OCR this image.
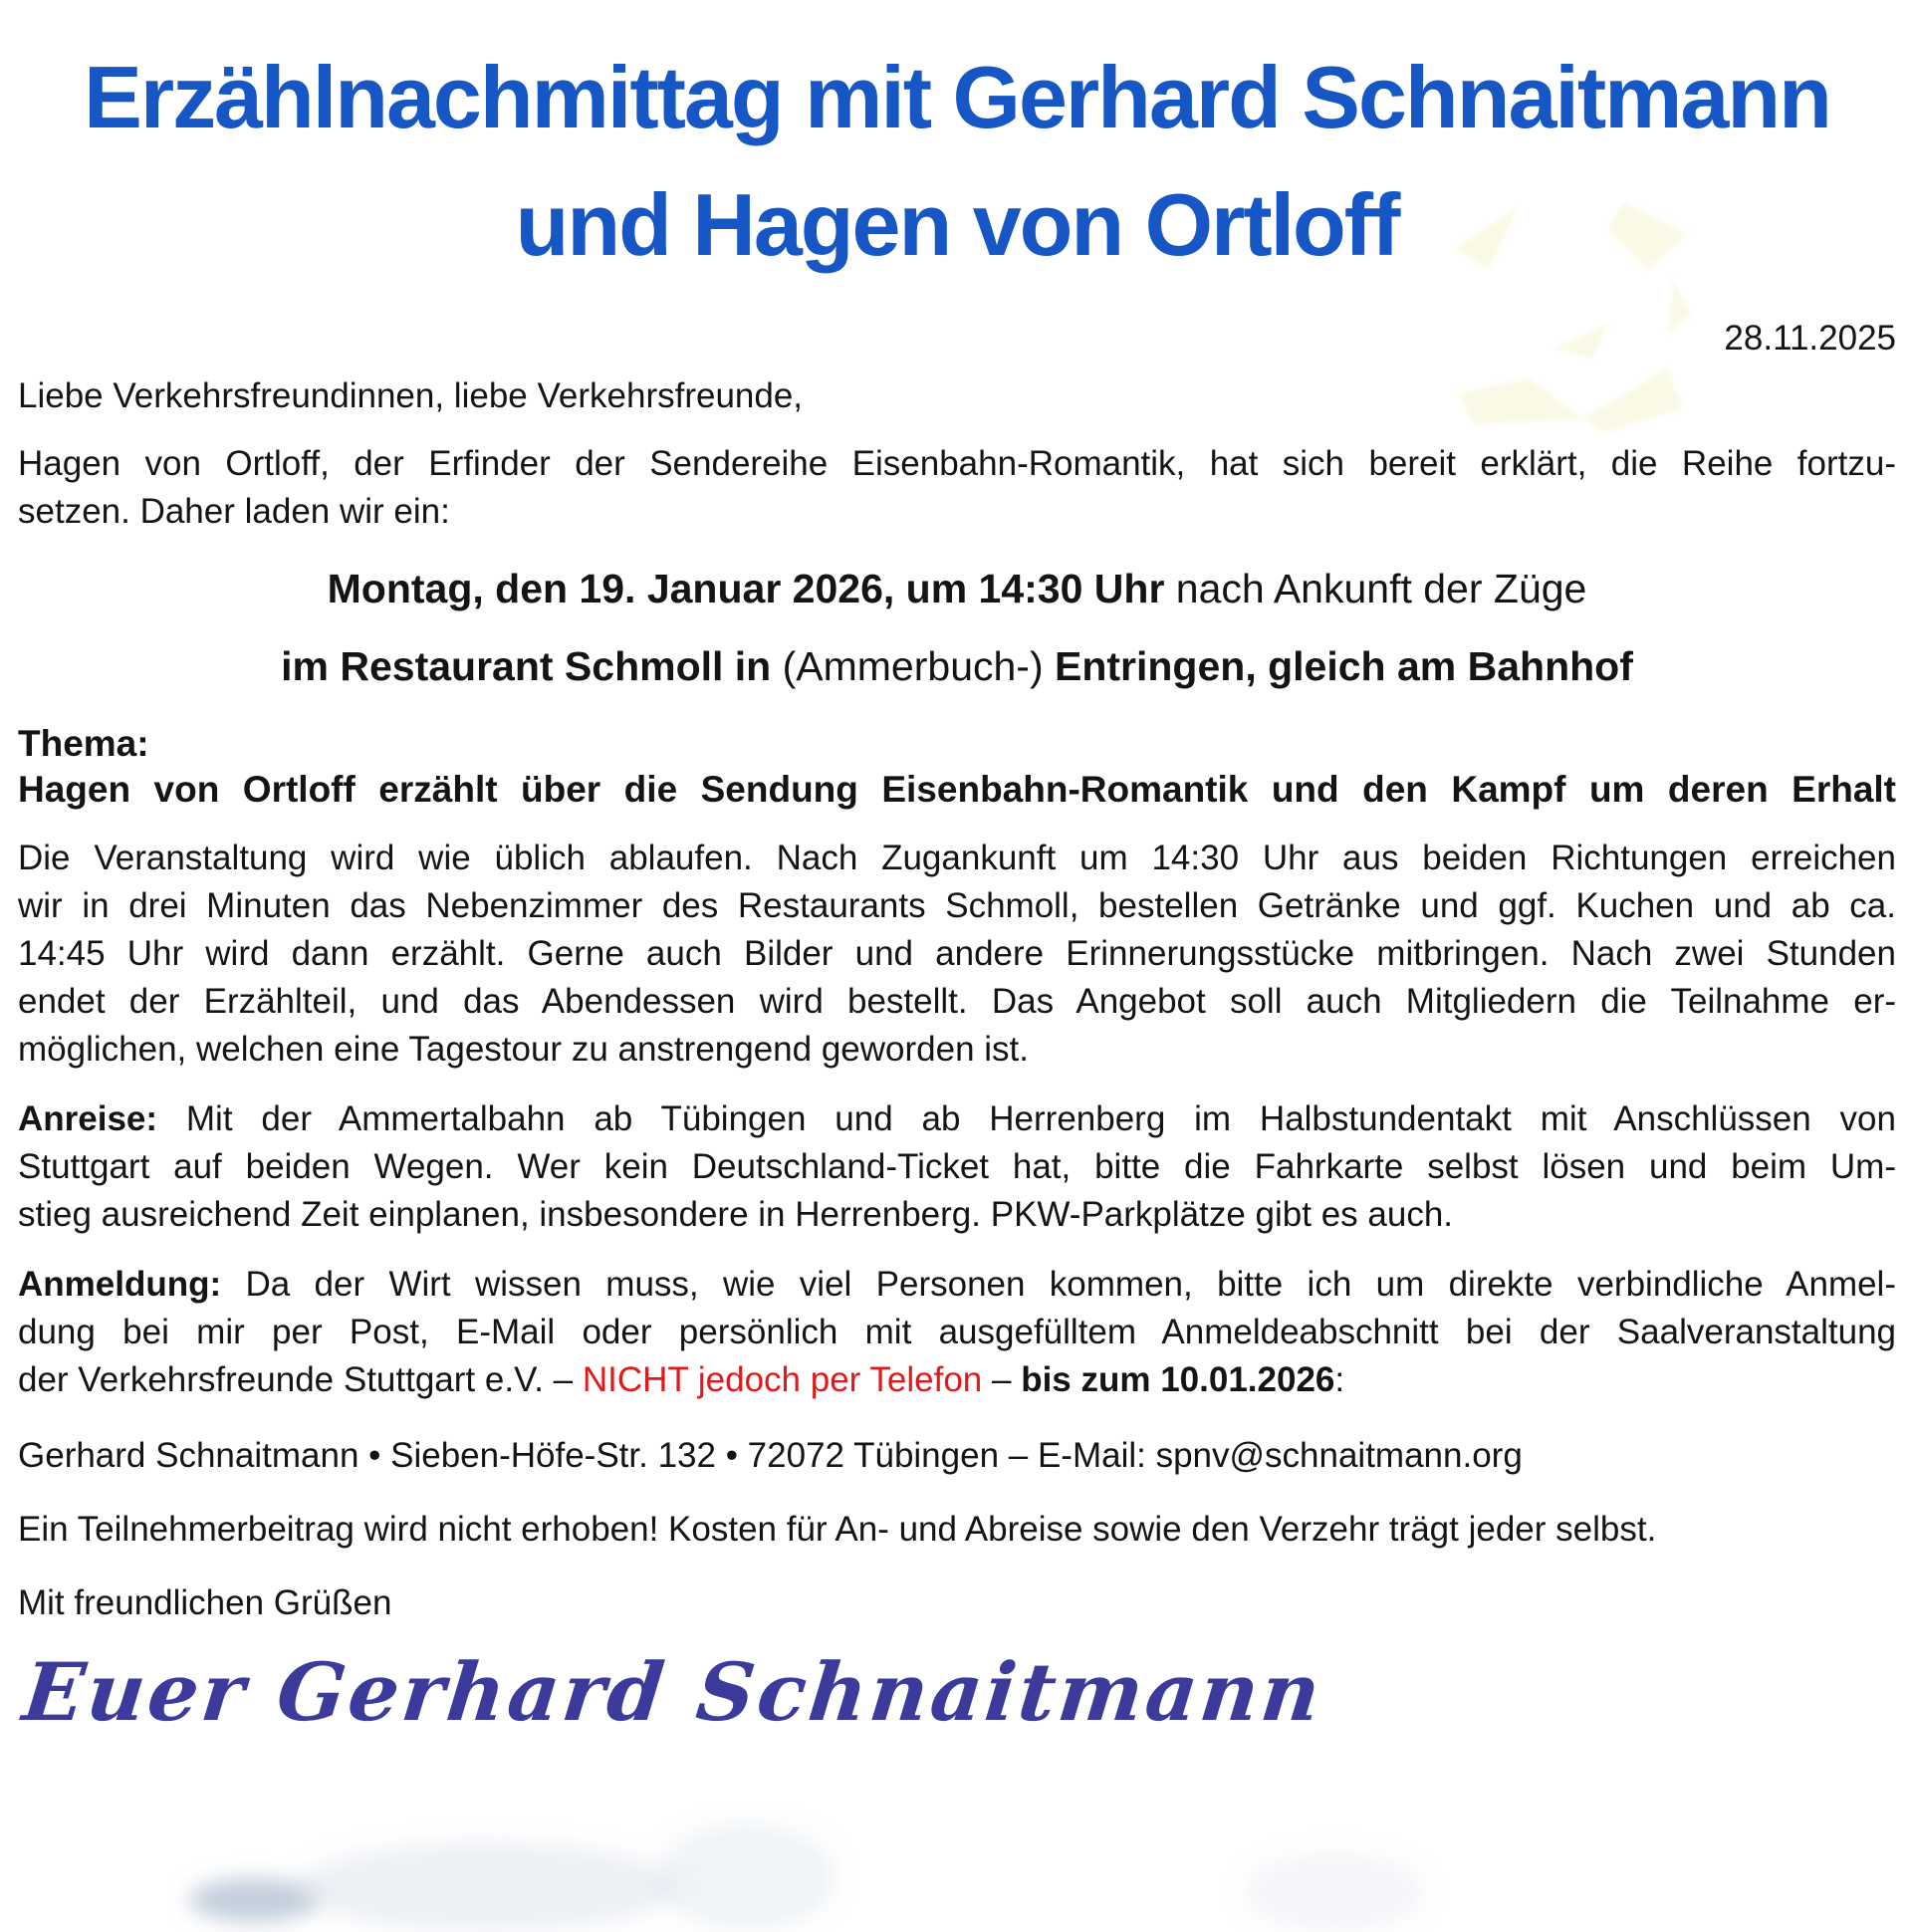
Erzählnachmittag mit Gerhard Schnaitmann
und Hagen von Ortloff
28.11.2025
Liebe Verkehrsfreundinnen, liebe Verkehrsfreunde,
Hagen von Ortloff, der Erfinder der Sendereihe Eisenbahn-Romantik, hat sich bereit erklärt, die Reihe fortzu-
setzen. Daher laden wir ein:
Montag, den 19. Januar 2026, um 14:30 Uhr nach Ankunft der Züge
im Restaurant Schmoll in (Ammerbuch-) Entringen, gleich am Bahnhof
Thema:
Hagen von Ortloff erzählt über die Sendung Eisenbahn-Romantik und den Kampf um deren Erhalt
Die Veranstaltung wird wie üblich ablaufen. Nach Zugankunft um 14:30 Uhr aus beiden Richtungen erreichen
wir in drei Minuten das Nebenzimmer des Restaurants Schmoll, bestellen Getränke und ggf. Kuchen und ab ca.
14:45 Uhr wird dann erzählt. Gerne auch Bilder und andere Erinnerungsstücke mitbringen. Nach zwei Stunden
endet der Erzählteil, und das Abendessen wird bestellt. Das Angebot soll auch Mitgliedern die Teilnahme er-
möglichen, welchen eine Tagestour zu anstrengend geworden ist.
Anreise: Mit der Ammertalbahn ab Tübingen und ab Herrenberg im Halbstundentakt mit Anschlüssen von
Stuttgart auf beiden Wegen. Wer kein Deutschland-Ticket hat, bitte die Fahrkarte selbst lösen und beim Um-
stieg ausreichend Zeit einplanen, insbesondere in Herrenberg. PKW-Parkplätze gibt es auch.
Anmeldung: Da der Wirt wissen muss, wie viel Personen kommen, bitte ich um direkte verbindliche Anmel-
dung bei mir per Post, E-Mail oder persönlich mit ausgefülltem Anmeldeabschnitt bei der Saalveranstaltung
der Verkehrsfreunde Stuttgart e.V. – NICHT jedoch per Telefon – bis zum 10.01.2026:
Gerhard Schnaitmann • Sieben-Höfe-Str. 132 • 72072 Tübingen – E-Mail: spnv@schnaitmann.org
Ein Teilnehmerbeitrag wird nicht erhoben! Kosten für An- und Abreise sowie den Verzehr trägt jeder selbst.
Mit freundlichen Grüßen
Euer Gerhard Schnaitmann
